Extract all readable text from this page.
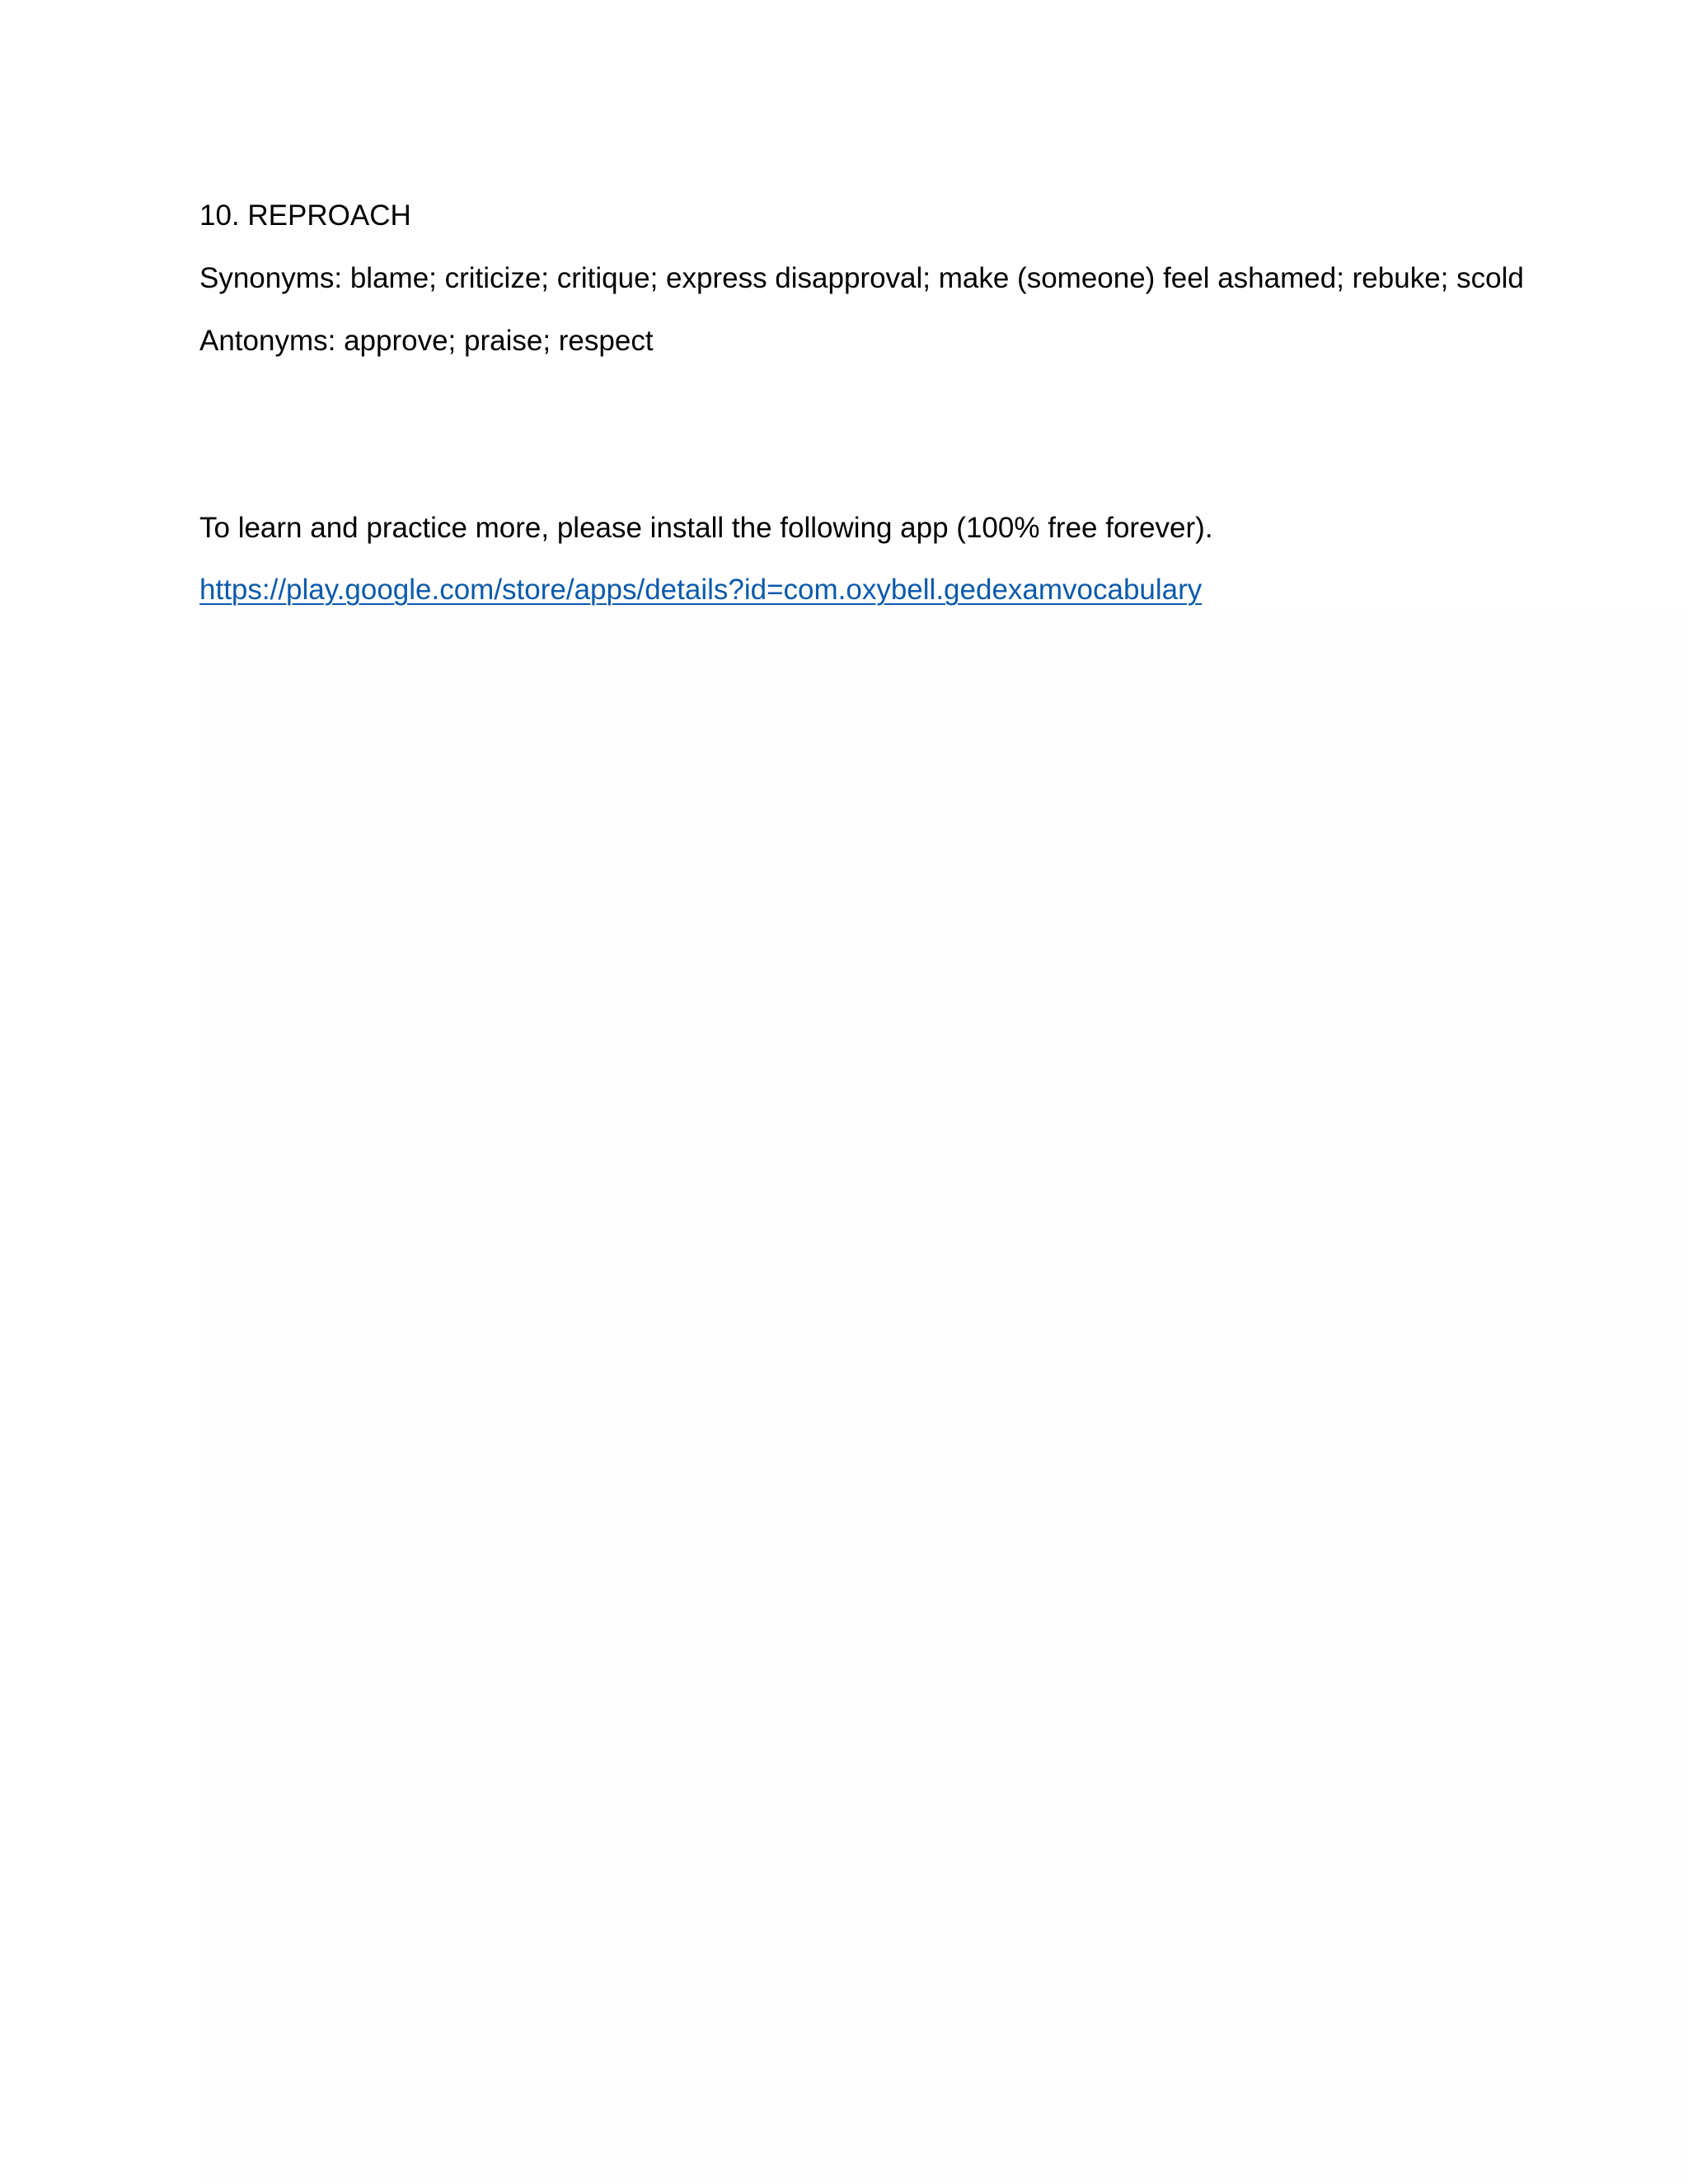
10. REPROACH
Synonyms: blame; criticize; critique; express disapproval; make (someone) feel ashamed; rebuke; scold
Antonyms: approve; praise; respect
To learn and practice more, please install the following app (100% free forever).
https://play.google.com/store/apps/details?id=com.oxybell.gedexamvocabulary
